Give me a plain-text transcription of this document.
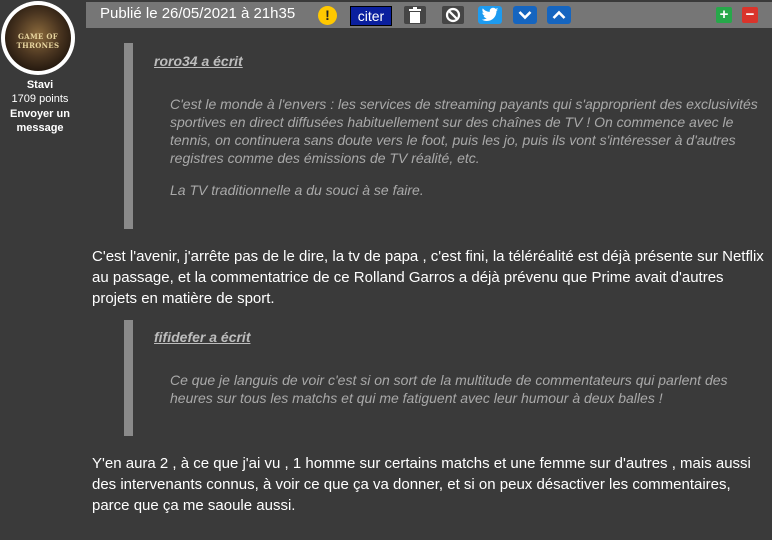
GAME OF THRONES
Stavi
1709 points
Envoyer un message
Publié le 26/05/2021 à 21h35	!	citer	+ −
roro34 a écrit
C'est le monde à l'envers : les services de streaming payants qui s'approprient des exclusivités sportives en direct diffusées habituellement sur des chaînes de TV ! On commence avec le tennis, on continuera sans doute vers le foot, puis les jo, puis ils vont s'intéresser à d'autres registres comme des émissions de TV réalité, etc.
La TV traditionnelle a du souci à se faire.
C'est l'avenir, j'arrête pas de le dire, la tv de papa , c'est fini, la téléréalité est déjà présente sur Netflix au passage, et la commentatrice de ce Rolland Garros a déjà prévenu que Prime avait d'autres projets en matière de sport.
fifidefer a écrit
Ce que je languis de voir c'est si on sort de la multitude de commentateurs qui parlent des heures sur tous les matchs et qui me fatiguent avec leur humour à deux balles !
Y'en aura 2 , à ce que j'ai vu , 1 homme sur certains matchs et une femme sur d'autres , mais aussi des intervenants connus, à voir ce que ça va donner, et si on peux désactiver les commentaires, parce que ça me saoule aussi.
